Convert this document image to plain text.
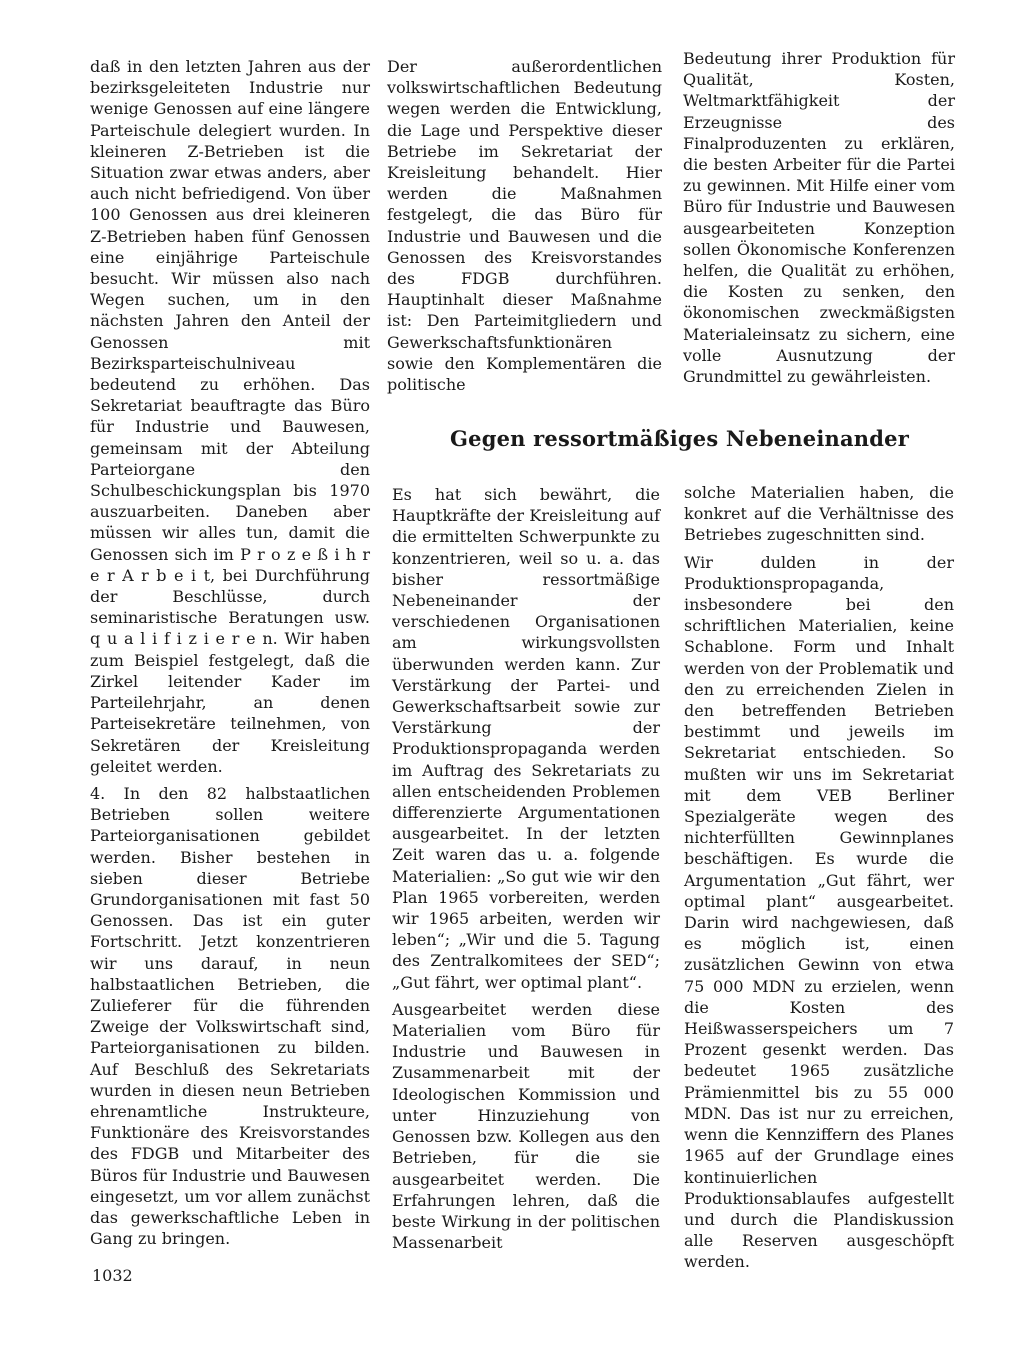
daß in den letzten Jahren aus der bezirksgeleiteten Industrie nur wenige Genossen auf eine längere Parteischule delegiert wurden. In kleineren Z-Betrieben ist die Situation zwar etwas anders, aber auch nicht befriedigend. Von über 100 Genossen aus drei kleineren Z-Betrieben haben fünf Genossen eine einjährige Parteischule besucht. Wir müssen also nach Wegen suchen, um in den nächsten Jahren den Anteil der Genossen mit Bezirksparteischulniveau bedeutend zu erhöhen. Das Sekretariat beauftragte das Büro für Industrie und Bauwesen, gemeinsam mit der Abteilung Parteiorgane den Schulbeschickungsplan bis 1970 auszuarbeiten. Daneben aber müssen wir alles tun, damit die Genossen sich im P r o z e ß i h r e r A r b e i t, bei Durchführung der Beschlüsse, durch seminaristische Beratungen usw. q u a l i f i z i e r e n. Wir haben zum Beispiel festgelegt, daß die Zirkel leitender Kader im Parteilehrjahr, an denen Parteisekretäre teilnehmen, von Sekretären der Kreisleitung geleitet werden.

4. In den 82 halbstaatlichen Betrieben sollen weitere Parteiorganisationen gebildet werden. Bisher bestehen in sieben dieser Betriebe Grundorganisationen mit fast 50 Genossen. Das ist ein guter Fortschritt. Jetzt konzentrieren wir uns darauf, in neun halbstaatlichen Betrieben, die Zulieferer für die führenden Zweige der Volkswirtschaft sind, Parteiorganisationen zu bilden. Auf Beschluß des Sekretariats wurden in diesen neun Betrieben ehrenamtliche Instrukteure, Funktionäre des Kreisvorstandes des FDGB und Mitarbeiter des Büros für Industrie und Bauwesen eingesetzt, um vor allem zunächst das gewerkschaftliche Leben in Gang zu bringen.

Der außerordentlichen volkswirtschaftlichen Bedeutung wegen werden die Entwicklung, die Lage und Perspektive dieser Betriebe im Sekretariat der Kreisleitung behandelt. Hier werden die Maßnahmen festgelegt, die das Büro für Industrie und Bauwesen und die Genossen des Kreisvorstandes des FDGB durchführen. Hauptinhalt dieser Maßnahme ist: Den Parteimitgliedern und Gewerkschaftsfunktionären sowie den Komplementären die politische

Bedeutung ihrer Produktion für Qualität, Kosten, Weltmarktfähigkeit der Erzeugnisse des Finalproduzenten zu erklären, die besten Arbeiter für die Partei zu gewinnen. Mit Hilfe einer vom Büro für Industrie und Bauwesen ausgearbeiteten Konzeption sollen Ökonomische Konferenzen helfen, die Qualität zu erhöhen, die Kosten zu senken, den ökonomischen zweckmäßigsten Materialeinsatz zu sichern, eine volle Ausnutzung der Grundmittel zu gewährleisten.

Gegen ressortmäßiges Nebeneinander

Es hat sich bewährt, die Hauptkräfte der Kreisleitung auf die ermittelten Schwerpunkte zu konzentrieren, weil so u. a. das bisher ressortmäßige Nebeneinander der verschiedenen Organisationen am wirkungsvollsten überwunden werden kann. Zur Verstärkung der Partei- und Gewerkschaftsarbeit sowie zur Verstärkung der Produktionspropaganda werden im Auftrag des Sekretariats zu allen entscheidenden Problemen differenzierte Argumentationen ausgearbeitet. In der letzten Zeit waren das u. a. folgende Materialien: „So gut wie wir den Plan 1965 vorbereiten, werden wir 1965 arbeiten, werden wir leben“; „Wir und die 5. Tagung des Zentralkomitees der SED“; „Gut fährt, wer optimal plant“.

Ausgearbeitet werden diese Materialien vom Büro für Industrie und Bauwesen in Zusammenarbeit mit der Ideologischen Kommission und unter Hinzuziehung von Genossen bzw. Kollegen aus den Betrieben, für die sie ausgearbeitet werden. Die Erfahrungen lehren, daß die beste Wirkung in der politischen Massenarbeit

solche Materialien haben, die konkret auf die Verhältnisse des Betriebes zugeschnitten sind.

Wir dulden in der Produktionspropaganda, insbesondere bei den schriftlichen Materialien, keine Schablone. Form und Inhalt werden von der Problematik und den zu erreichenden Zielen in den betreffenden Betrieben bestimmt und jeweils im Sekretariat entschieden. So mußten wir uns im Sekretariat mit dem VEB Berliner Spezialgeräte wegen des nichterfüllten Gewinnplanes beschäftigen. Es wurde die Argumentation „Gut fährt, wer optimal plant“ ausgearbeitet. Darin wird nachgewiesen, daß es möglich ist, einen zusätzlichen Gewinn von etwa 75 000 MDN zu erzielen, wenn die Kosten des Heißwasserspeichers um 7 Prozent gesenkt werden. Das bedeutet 1965 zusätzliche Prämienmittel bis zu 55 000 MDN. Das ist nur zu erreichen, wenn die Kennziffern des Planes 1965 auf der Grundlage eines kontinuierlichen Produktionsablaufes aufgestellt und durch die Plandiskussion alle Reserven ausgeschöpft werden.

1032
